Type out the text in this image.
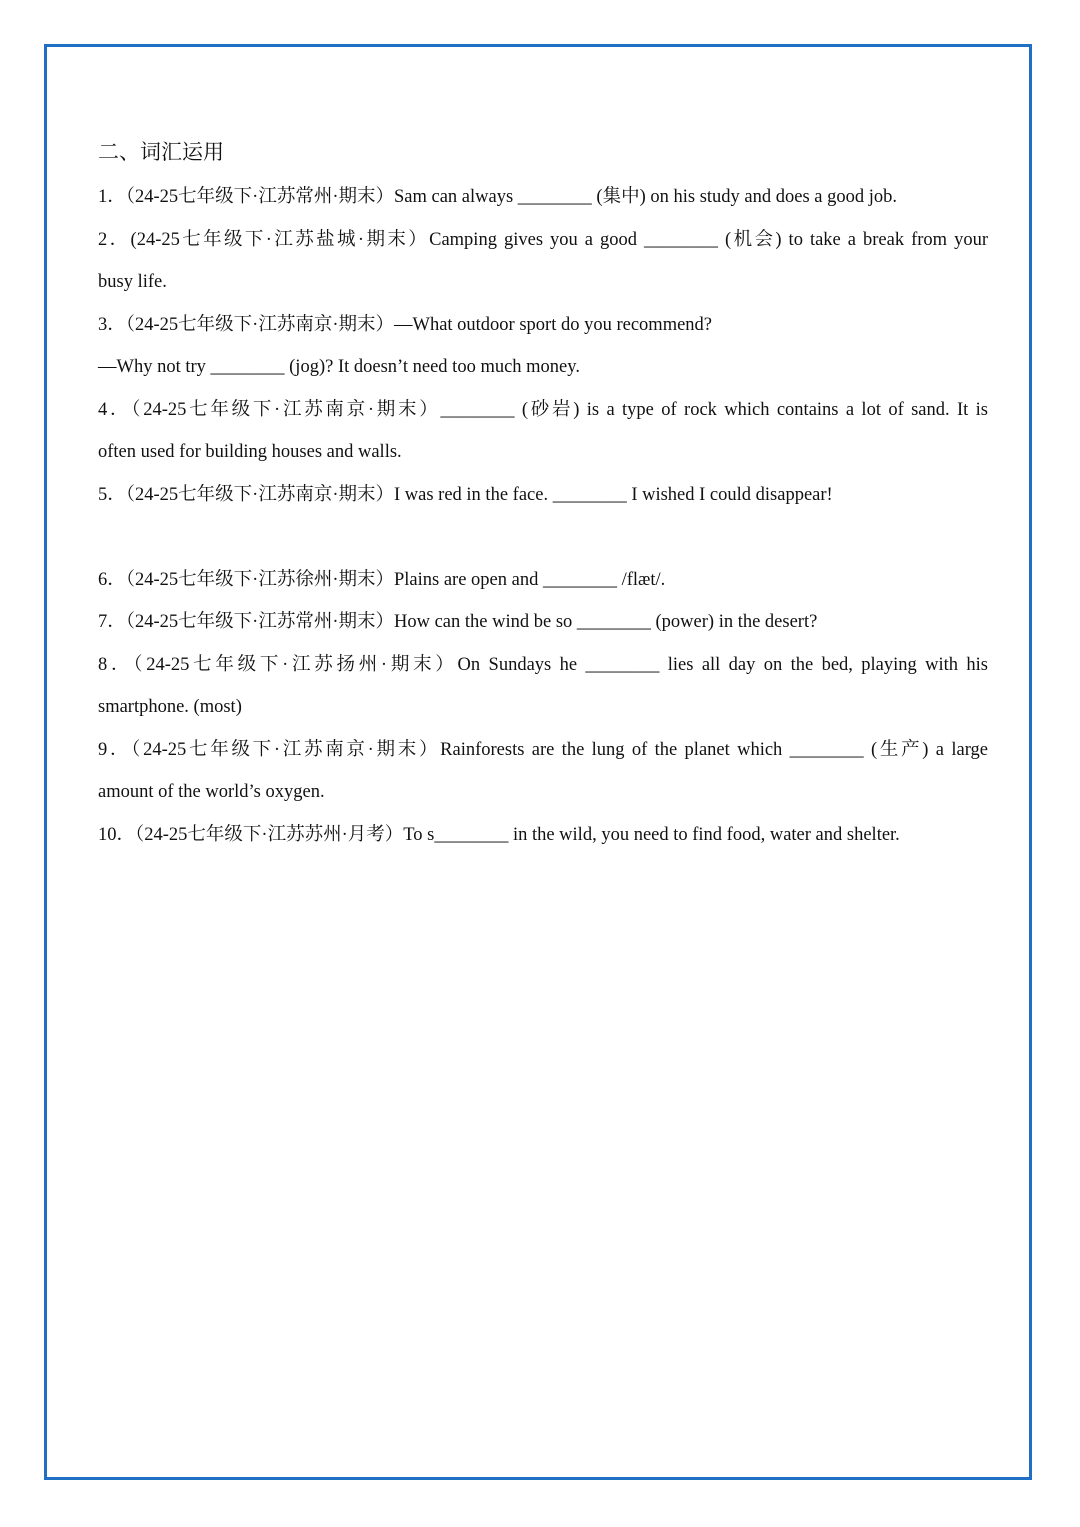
二、词汇运用

1．（24-25七年级下·江苏常州·期末）Sam can always ________ (集中) on his study and does a good job.

2．(24-25七年级下·江苏盐城·期末）Camping gives you a good ________ (机会) to take a break from your

busy life.

3．（24-25七年级下·江苏南京·期末）—What outdoor sport do you recommend?

—Why not try ________ (jog)? It doesn’t need too much money.

4．（24-25七年级下·江苏南京·期末）________ (砂岩) is a type of rock which contains a lot of sand. It is

often used for building houses and walls.

5．（24-25七年级下·江苏南京·期末）I was red in the face. ________ I wished I could disappear!

6．（24-25七年级下·江苏徐州·期末）Plains are open and ________ /flæt/.

7．（24-25七年级下·江苏常州·期末）How can the wind be so ________ (power) in the desert?

8．（24-25七年级下·江苏扬州·期末）On Sundays he ________ lies all day on the bed, playing with his

smartphone. (most)

9．（24-25七年级下·江苏南京·期末）Rainforests are the lung of the planet which ________ (生产) a large

amount of the world’s oxygen.

10．（24-25七年级下·江苏苏州·月考）To s________ in the wild, you need to find food, water and shelter.
